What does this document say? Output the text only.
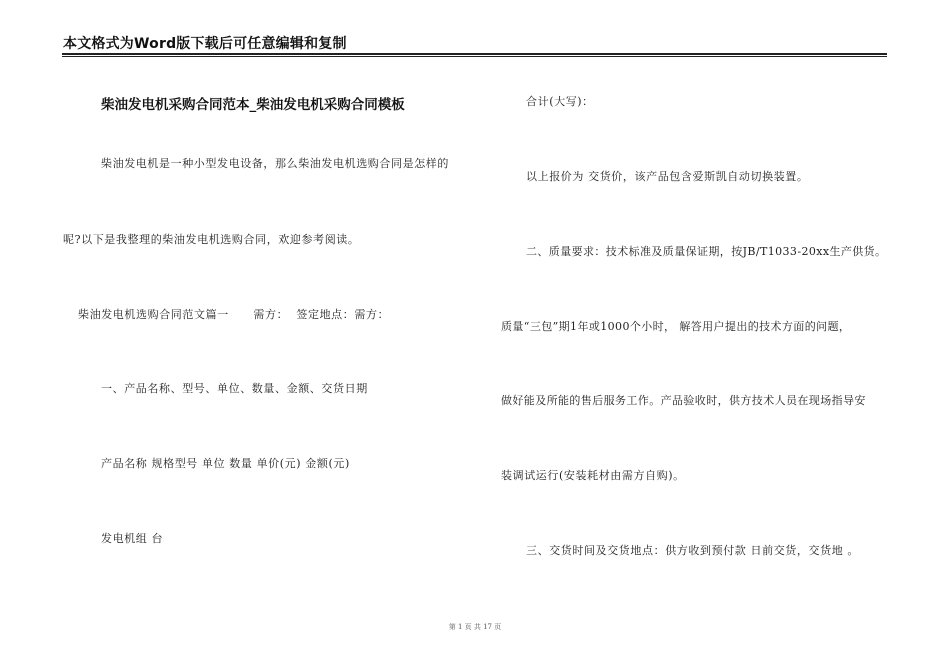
本文格式为Word版下载后可任意编辑和复制
柴油发电机采购合同范本_柴油发电机采购合同模板
柴油发电机是一种小型发电设备，那么柴油发电机选购合同是怎样的
呢?以下是我整理的柴油发电机选购合同，欢迎参考阅读。
柴油发电机选购合同范文篇一      需方：  签定地点：需方：
一、产品名称、型号、单位、数量、金额、交货日期
产品名称 规格型号 单位 数量 单价(元) 金额(元)
发电机组 台
合计(大写)：
以上报价为 交货价，该产品包含爱斯凯自动切换装置。
二、质量要求：技术标准及质量保证期，按JB/T1033-20xx生产供货。
质量“三包”期1年或1000个小时， 解答用户提出的技术方面的问题，
做好能及所能的售后服务工作。产品验收时，供方技术人员在现场指导安
装调试运行(安装耗材由需方自购)。
三、交货时间及交货地点：供方收到预付款 日前交货，交货地 。
第 1 页 共 17 页
